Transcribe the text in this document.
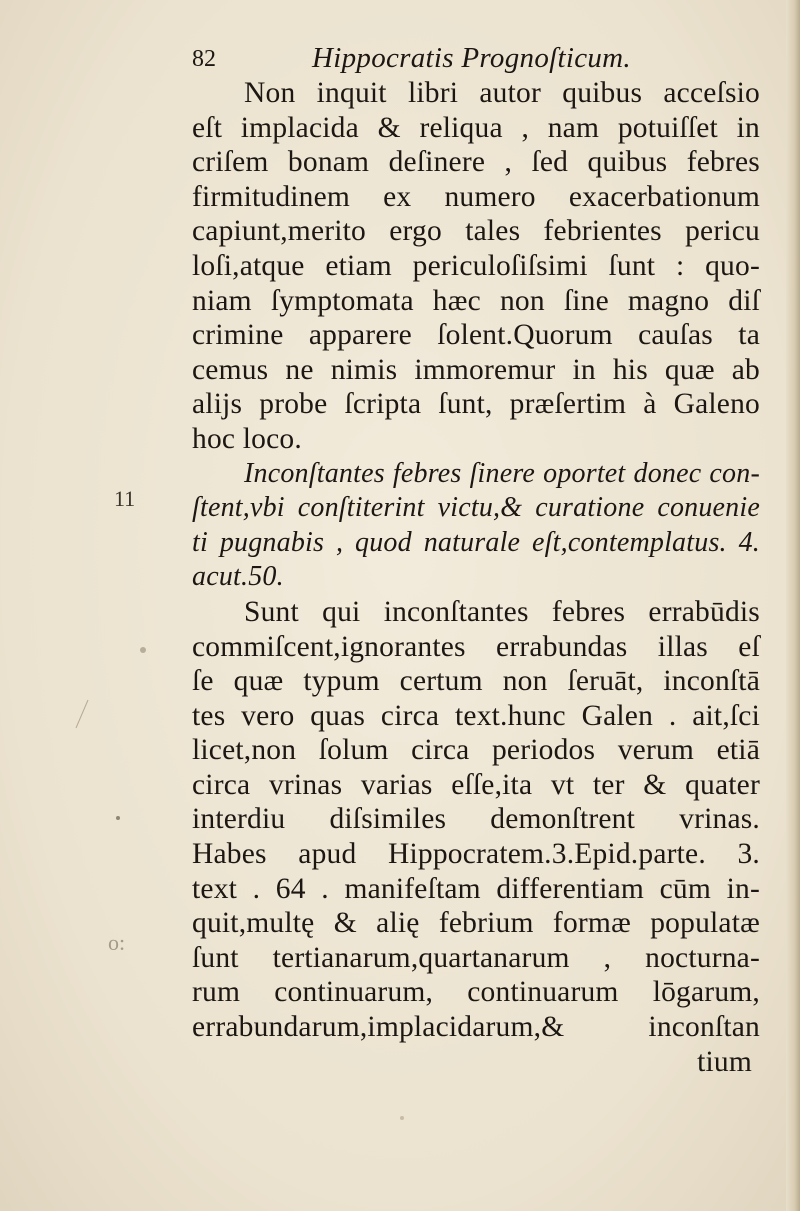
82	Hippocratis Prognoſticum.
11
o:
Non inquit libri autor quibus acceſsio
eſt implacida & reliqua , nam potuiſſet in
criſem bonam deſinere , ſed quibus febres
firmitudinem ex numero exacerbationum
capiunt,merito ergo tales febrientes pericu
loſi,atque etiam periculoſiſsimi ſunt : quo-
niam ſymptomata hæc non ſine magno diſ
crimine apparere ſolent.Quorum cauſas ta
cemus ne nimis immoremur in his quæ ab
alijs probe ſcripta ſunt, præſertim à Galeno
hoc loco.
Inconſtantes febres ſinere oportet donec con-
ſtent,vbi conſtiterint victu,& curatione conuenie
ti pugnabis , quod naturale eſt,contemplatus. 4.
acut.50.
Sunt qui inconſtantes febres errabūdis
commiſcent,ignorantes errabundas illas eſ
ſe quæ typum certum non ſeruāt, inconſtā
tes vero quas circa text.hunc Galen . ait,ſci
licet,non ſolum circa periodos verum etiā
circa vrinas varias eſſe,ita vt ter & quater
interdiu diſsimiles demonſtrent vrinas.
Habes apud Hippocratem.3.Epid.parte. 3.
text . 64 . manifeſtam differentiam cūm in-
quit,multę & alię febrium formæ populatæ
ſunt tertianarum,quartanarum , nocturna-
rum continuarum, continuarum lōgarum,
errabundarum,implacidarum,& inconſtan
tium
